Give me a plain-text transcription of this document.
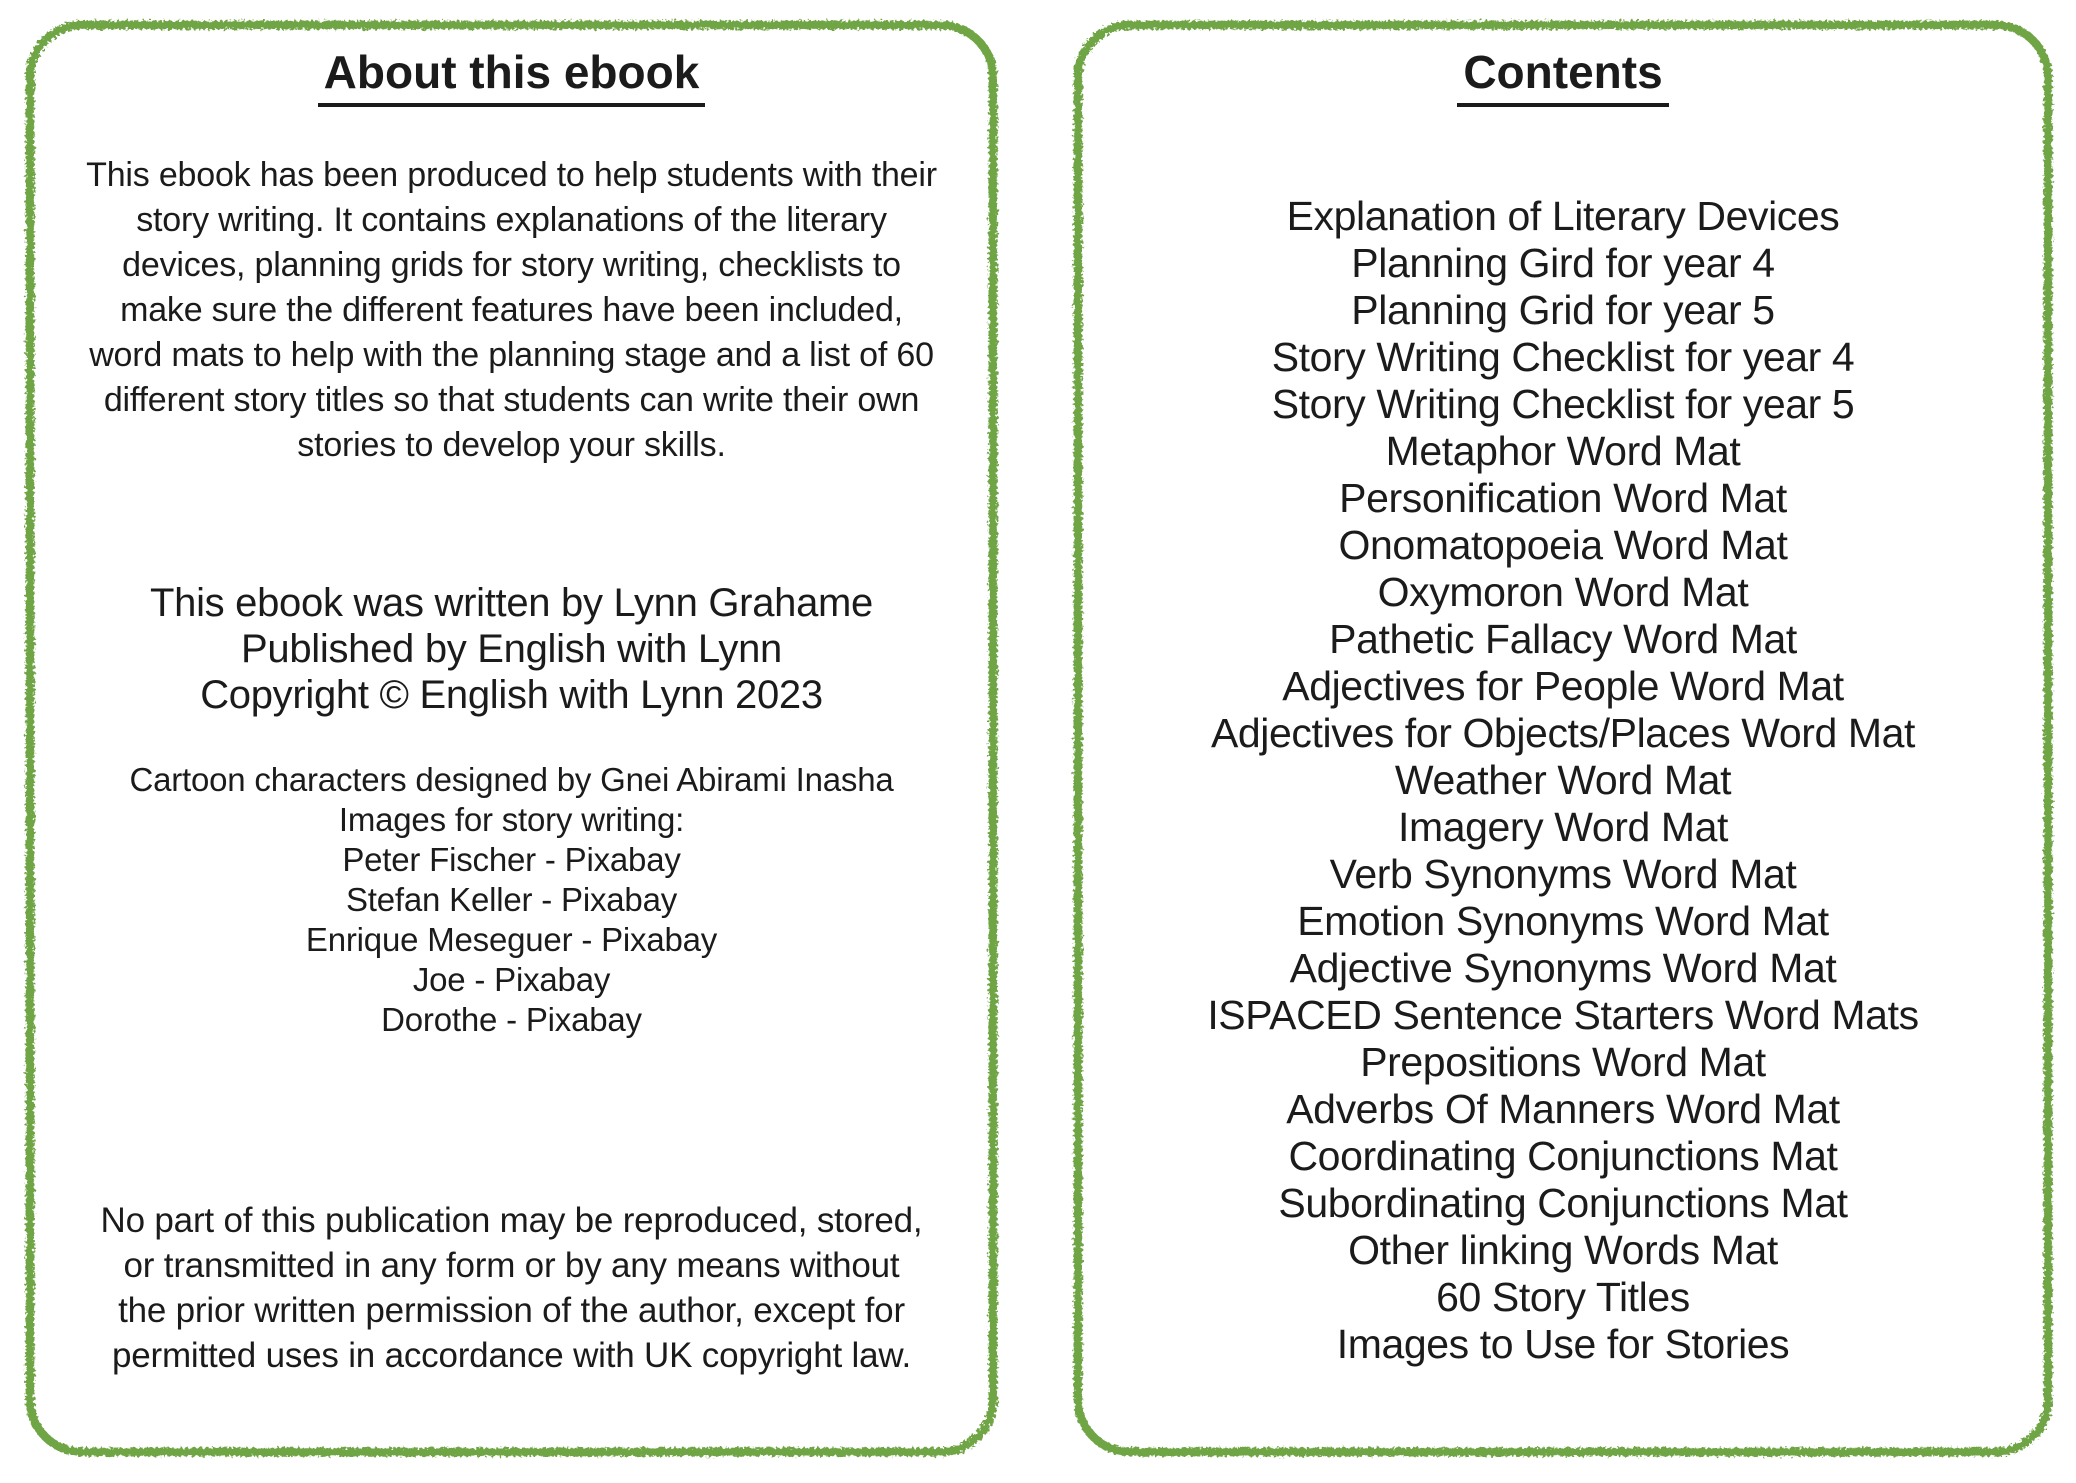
About this ebook
This ebook has been produced to help students with their
story writing. It contains explanations of the literary
devices, planning grids for story writing, checklists to
make sure the different features have been included,
word mats to help with the planning stage and a list of 60
different story titles so that students can write their own
stories to develop your skills.
This ebook was written by Lynn Grahame
Published by English with Lynn
Copyright © English with Lynn 2023
Cartoon characters designed by Gnei Abirami Inasha
Images for story writing:
Peter Fischer - Pixabay
Stefan Keller - Pixabay
Enrique Meseguer - Pixabay
Joe - Pixabay
Dorothe - Pixabay
No part of this publication may be reproduced, stored,
or transmitted in any form or by any means without
the prior written permission of the author, except for
permitted uses in accordance with UK copyright law.
Contents
Explanation of Literary Devices
Planning Gird for year 4
Planning Grid for year 5
Story Writing Checklist for year 4
Story Writing Checklist for year 5
Metaphor Word Mat
Personification Word Mat
Onomatopoeia Word Mat
Oxymoron Word Mat
Pathetic Fallacy Word Mat
Adjectives for People Word Mat
Adjectives for Objects/Places Word Mat
Weather Word Mat
Imagery Word Mat
Verb Synonyms Word Mat
Emotion Synonyms Word Mat
Adjective Synonyms Word Mat
ISPACED Sentence Starters Word Mats
Prepositions Word Mat
Adverbs Of Manners Word Mat
Coordinating Conjunctions Mat
Subordinating Conjunctions Mat
Other linking Words Mat
60 Story Titles
Images to Use for Stories
